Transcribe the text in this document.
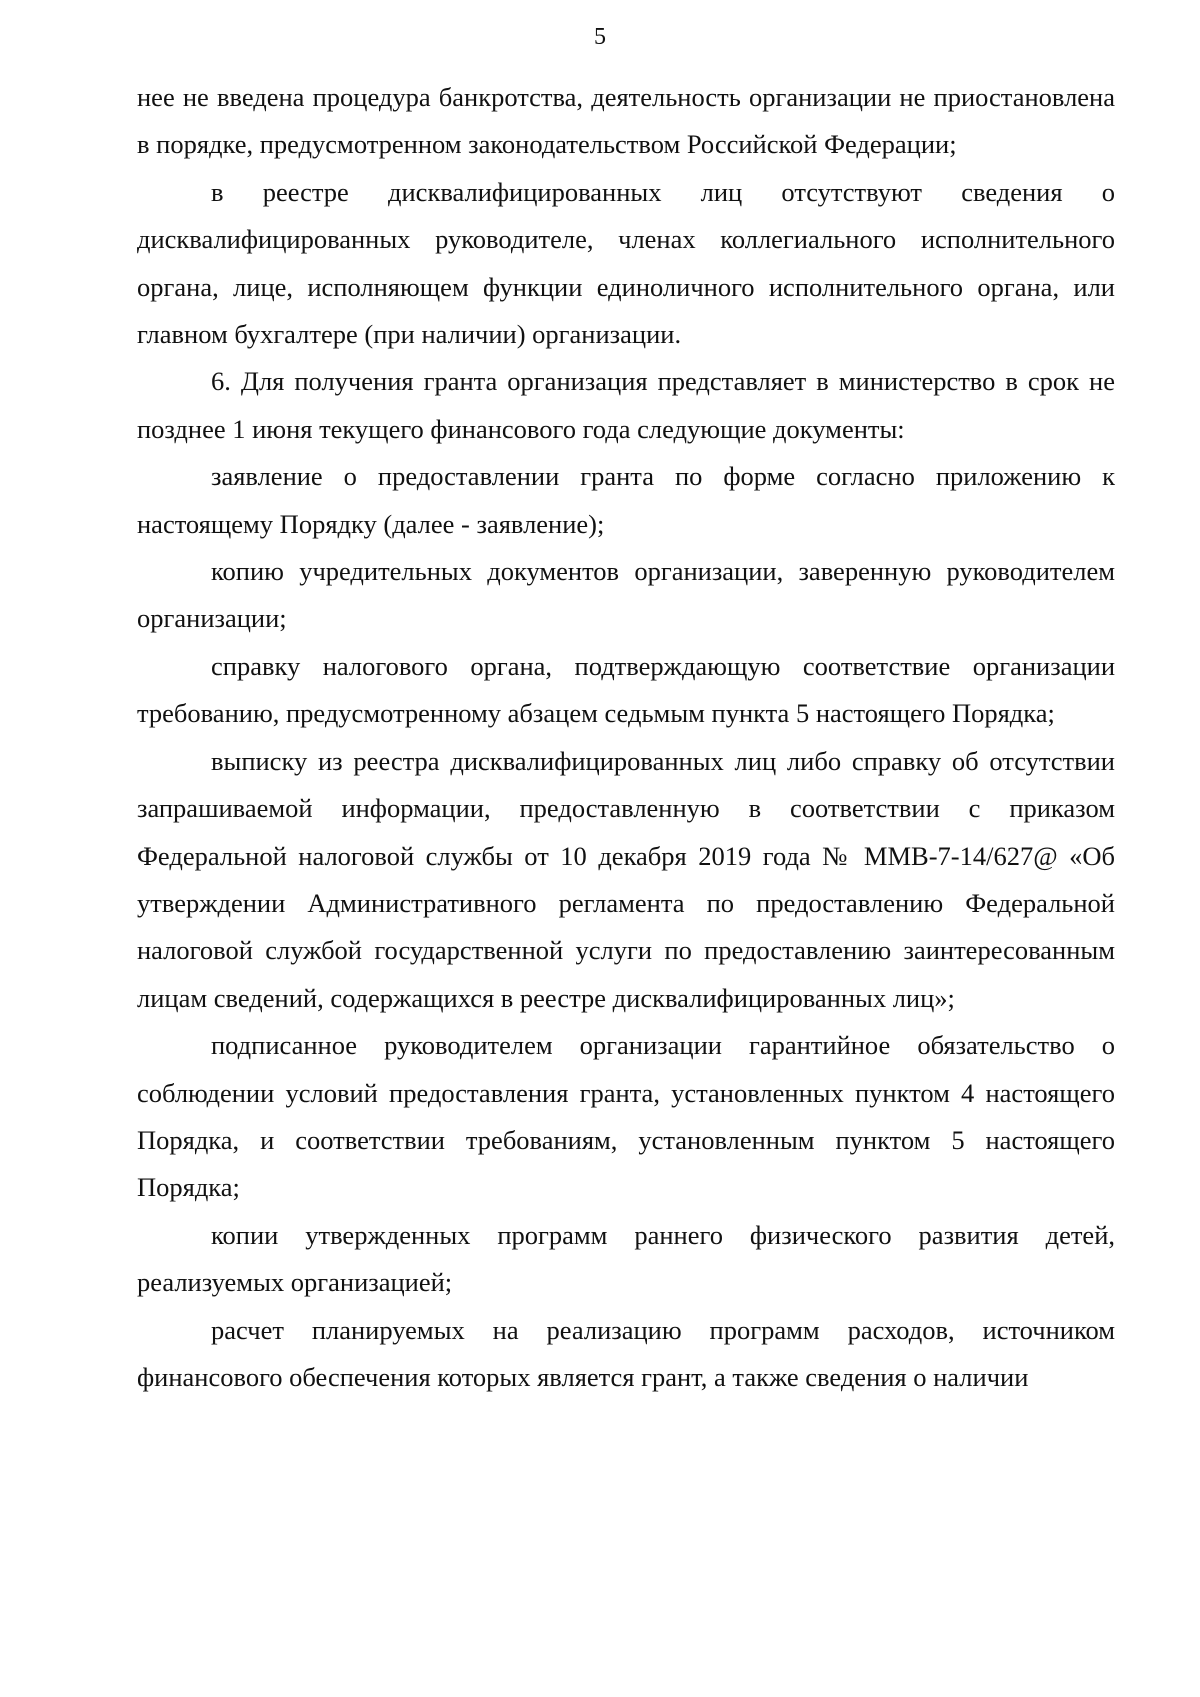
5

нее не введена процедура банкротства, деятельность организации не приостановлена в порядке, предусмотренном законодательством Российской Федерации;

в реестре дисквалифицированных лиц отсутствуют сведения о дисквалифицированных руководителе, членах коллегиального исполнительного органа, лице, исполняющем функции единоличного исполнительного органа, или главном бухгалтере (при наличии) организации.

6. Для получения гранта организация представляет в министерство в срок не позднее 1 июня текущего финансового года следующие документы:

заявление о предоставлении гранта по форме согласно приложению к настоящему Порядку (далее - заявление);

копию учредительных документов организации, заверенную руководителем организации;

справку налогового органа, подтверждающую соответствие организации требованию, предусмотренному абзацем седьмым пункта 5 настоящего Порядка;

выписку из реестра дисквалифицированных лиц либо справку об отсутствии запрашиваемой информации, предоставленную в соответствии с приказом Федеральной налоговой службы от 10 декабря 2019 года № ММВ-7-14/627@ «Об утверждении Административного регламента по предоставлению Федеральной налоговой службой государственной услуги по предоставлению заинтересованным лицам сведений, содержащихся в реестре дисквалифицированных лиц»;

подписанное руководителем организации гарантийное обязательство о соблюдении условий предоставления гранта, установленных пунктом 4 настоящего Порядка, и соответствии требованиям, установленным пунктом 5 настоящего Порядка;

копии утвержденных программ раннего физического развития детей, реализуемых организацией;

расчет планируемых на реализацию программ расходов, источником финансового обеспечения которых является грант, а также сведения о наличии
